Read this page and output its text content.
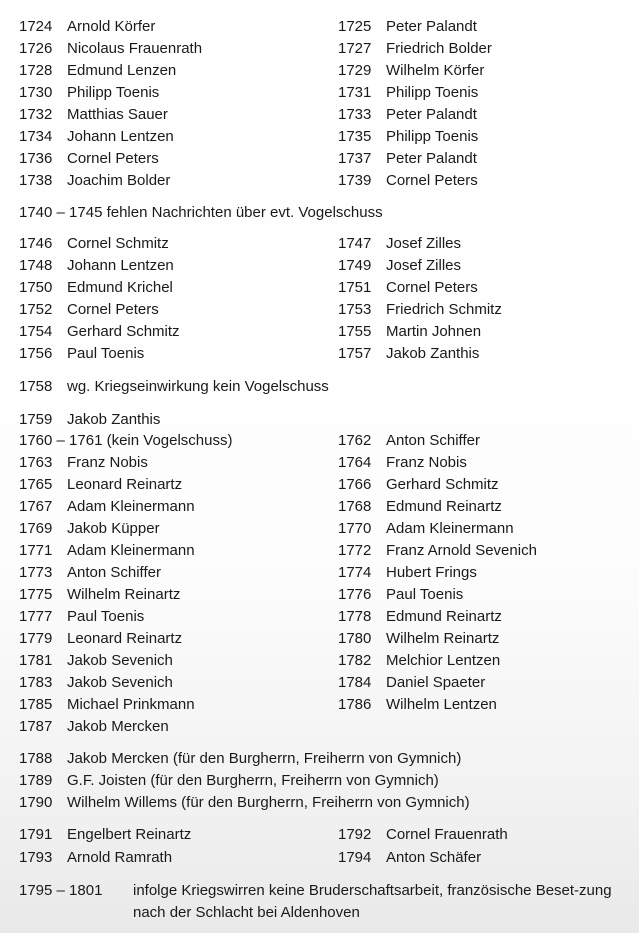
1724 Arnold Körfer	1725 Peter Palandt
1726 Nicolaus Frauenrath	1727 Friedrich Bolder
1728 Edmund Lenzen	1729 Wilhelm Körfer
1730 Philipp Toenis	1731 Philipp Toenis
1732 Matthias Sauer	1733 Peter Palandt
1734 Johann Lentzen	1735 Philipp Toenis
1736 Cornel Peters	1737 Peter Palandt
1738 Joachim Bolder	1739 Cornel Peters
1740 – 1745 fehlen Nachrichten über evt. Vogelschuss
1746 Cornel Schmitz	1747 Josef Zilles
1748 Johann Lentzen	1749 Josef Zilles
1750 Edmund Krichel	1751 Cornel Peters
1752 Cornel Peters	1753 Friedrich Schmitz
1754 Gerhard Schmitz	1755 Martin Johnen
1756 Paul Toenis	1757 Jakob Zanthis
1758 wg. Kriegseinwirkung kein Vogelschuss
1759 Jakob Zanthis
1760 – 1761 (kein Vogelschuss)	1762 Anton Schiffer
1763 Franz Nobis	1764 Franz Nobis
1765 Leonard Reinartz	1766 Gerhard Schmitz
1767 Adam Kleinermann	1768 Edmund Reinartz
1769 Jakob Küpper	1770 Adam Kleinermann
1771 Adam Kleinermann	1772 Franz Arnold Sevenich
1773 Anton Schiffer	1774 Hubert Frings
1775 Wilhelm Reinartz	1776 Paul Toenis
1777 Paul Toenis	1778 Edmund Reinartz
1779 Leonard Reinartz	1780 Wilhelm Reinartz
1781 Jakob Sevenich	1782 Melchior Lentzen
1783 Jakob Sevenich	1784 Daniel Spaeter
1785 Michael Prinkmann	1786 Wilhelm Lentzen
1787 Jakob Mercken
1788 Jakob Mercken (für den Burgherrn, Freiherrn von Gymnich)
1789 G.F. Joisten (für den Burgherrn, Freiherrn von Gymnich)
1790 Wilhelm Willems (für den Burgherrn, Freiherrn von Gymnich)
1791 Engelbert Reinartz	1792 Cornel Frauenrath
1793 Arnold Ramrath	1794 Anton Schäfer
1795 – 1801 infolge Kriegswirren keine Bruderschaftsarbeit, französische Beset-zung nach der Schlacht bei Aldenhoven
